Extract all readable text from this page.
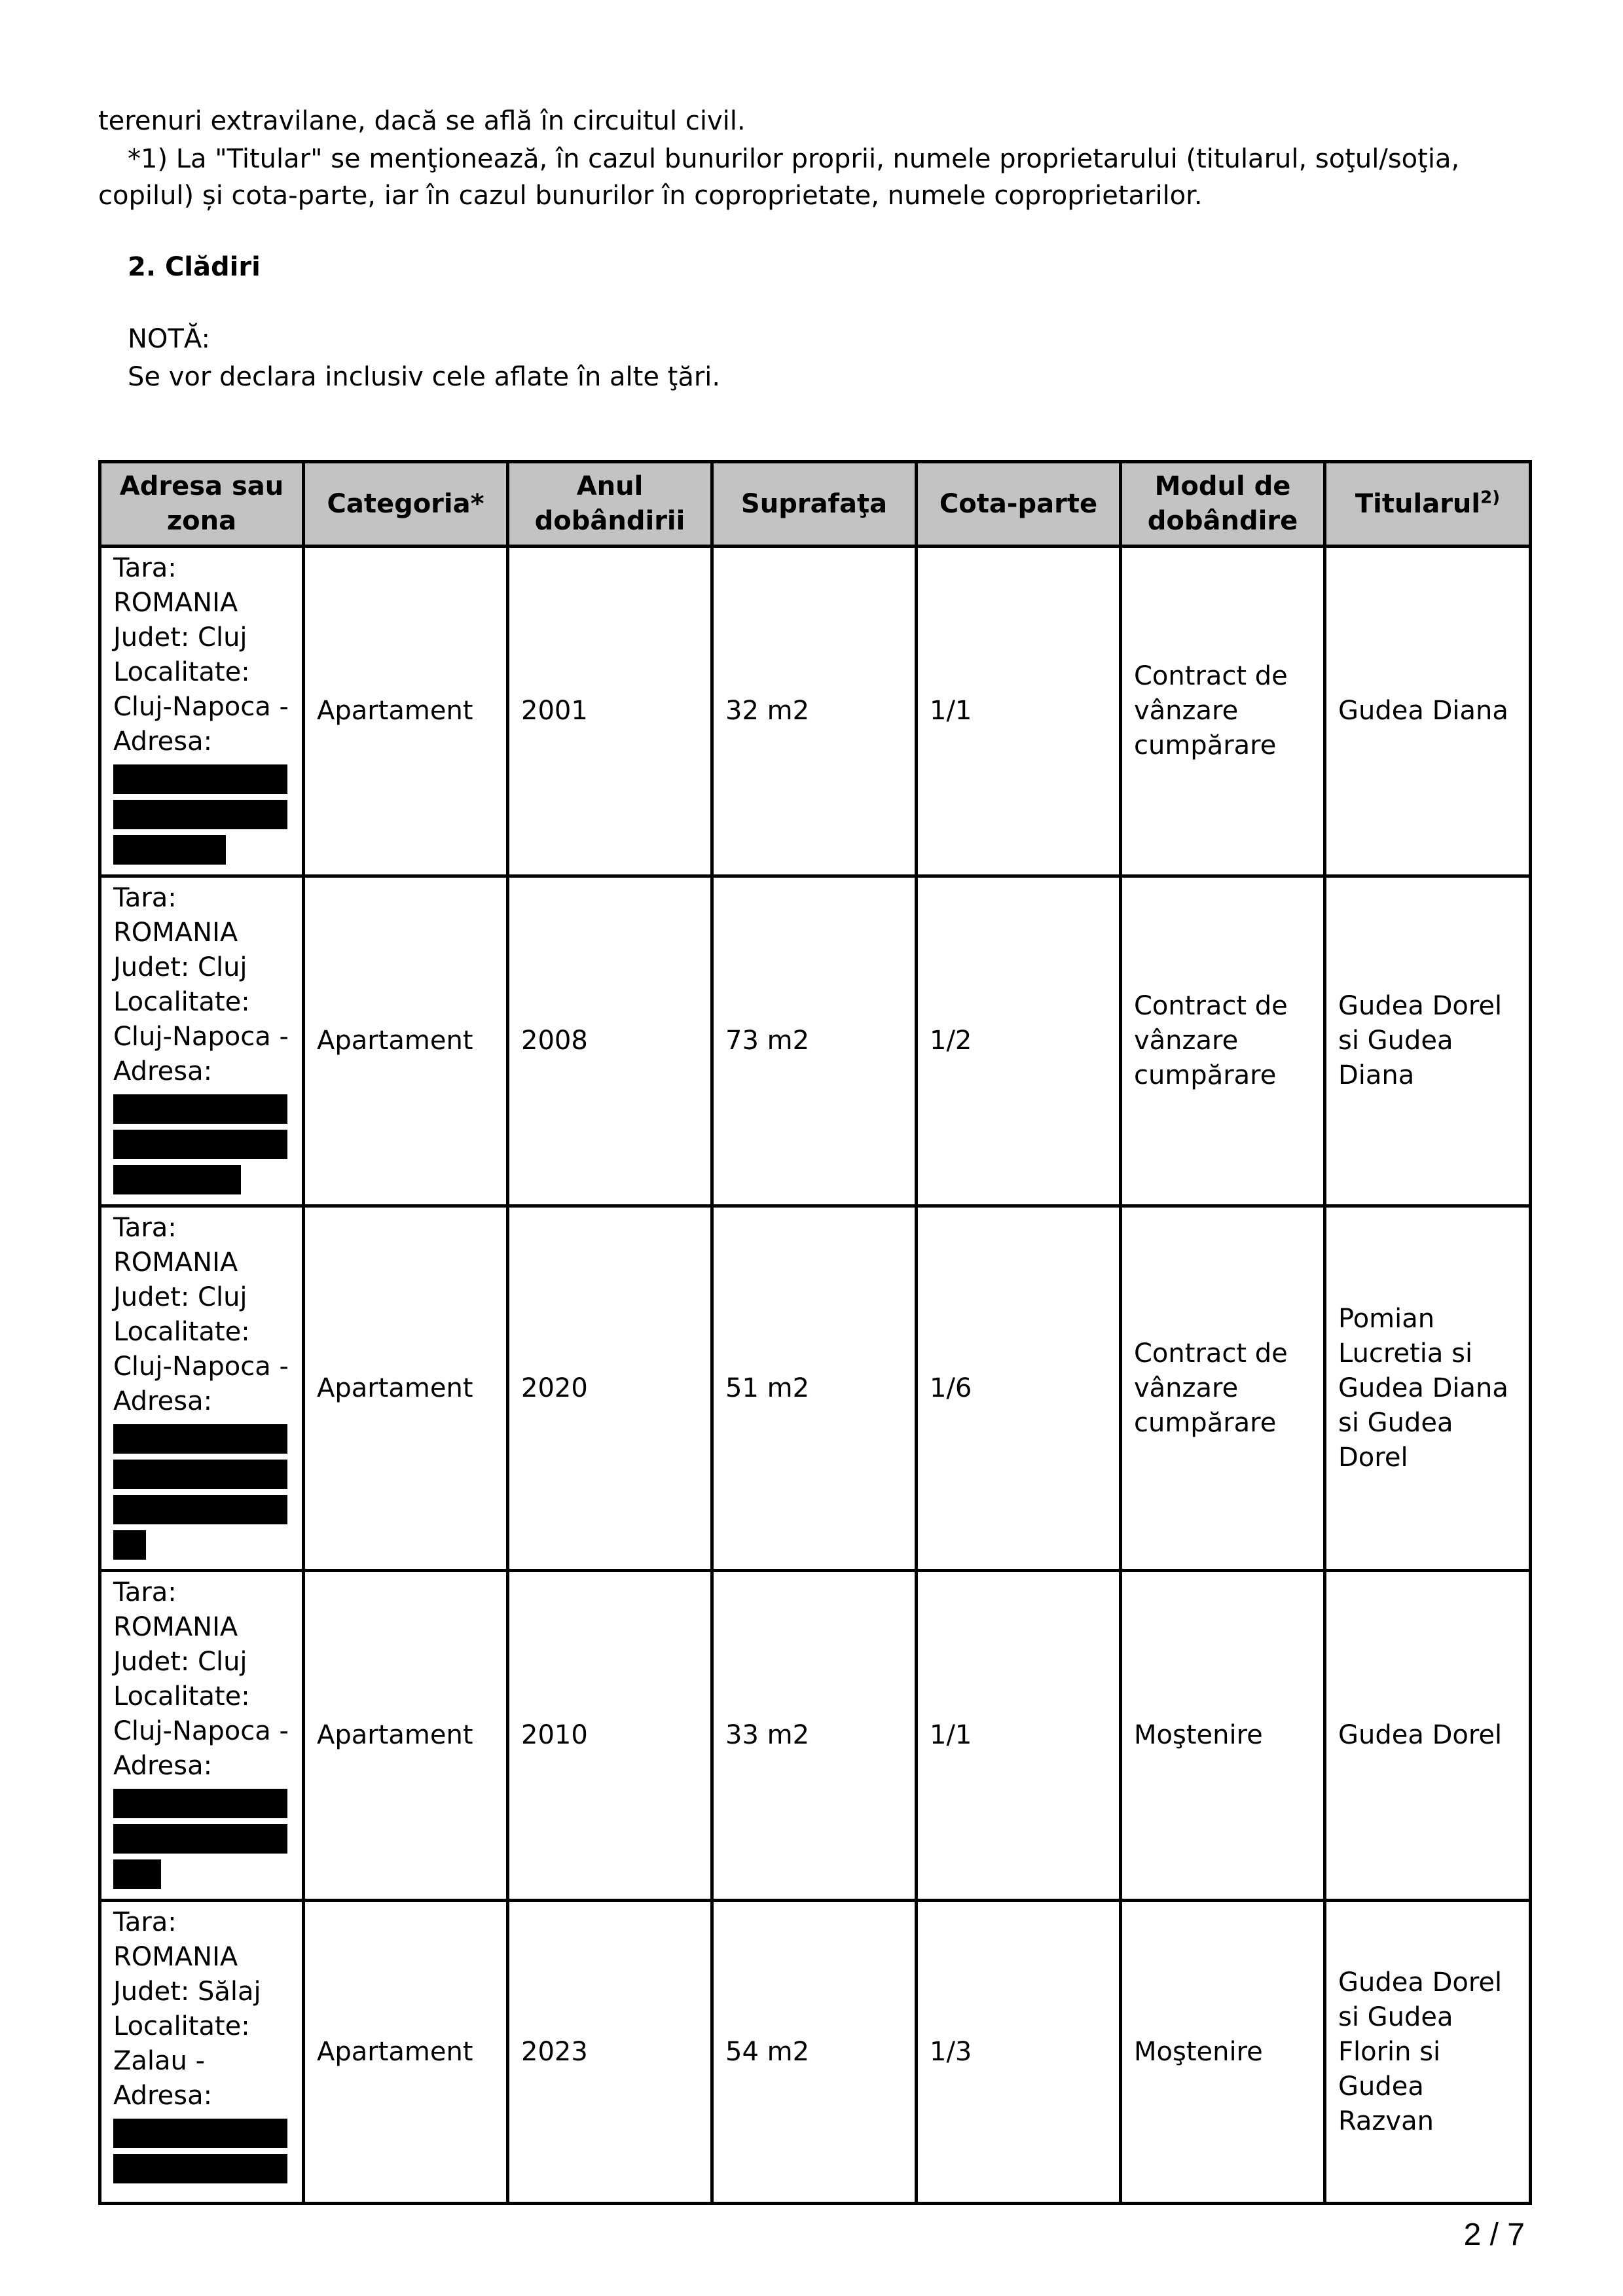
terenuri extravilane, dacă se află în circuitul civil.

*1) La "Titular" se menţionează, în cazul bunurilor proprii, numele proprietarului (titularul, soţul/soţia, copilul) și cota-parte, iar în cazul bunurilor în coproprietate, numele coproprietarilor.

2. Clădiri

NOTĂ:

Se vor declara inclusiv cele aflate în alte ţări.

Adresa sau zona	Categoria*	Anul dobândirii	Suprafaţa	Cota-parte	Modul de dobândire	Titularul$^{2)}$

Tara: ROMANIA
Judet: Cluj
Localitate: Cluj-Napoca -
Adresa:	Apartament	2001	32 m2	1/1	Contract de vânzare cumpărare	Gudea Diana

Tara: ROMANIA
Judet: Cluj
Localitate: Cluj-Napoca -
Adresa:	Apartament	2008	73 m2	1/2	Contract de vânzare cumpărare	Gudea Dorel si Gudea Diana

Tara: ROMANIA
Judet: Cluj
Localitate: Cluj-Napoca -
Adresa:	Apartament	2020	51 m2	1/6	Contract de vânzare cumpărare	Pomian Lucretia si Gudea Diana si Gudea Dorel

Tara: ROMANIA
Judet: Cluj
Localitate: Cluj-Napoca -
Adresa:	Apartament	2010	33 m2	1/1	Moştenire	Gudea Dorel

Tara: ROMANIA
Judet: Sălaj
Localitate: Zalau -
Adresa:	Apartament	2023	54 m2	1/3	Moştenire	Gudea Dorel si Gudea Florin si Gudea Razvan
2 / 7
